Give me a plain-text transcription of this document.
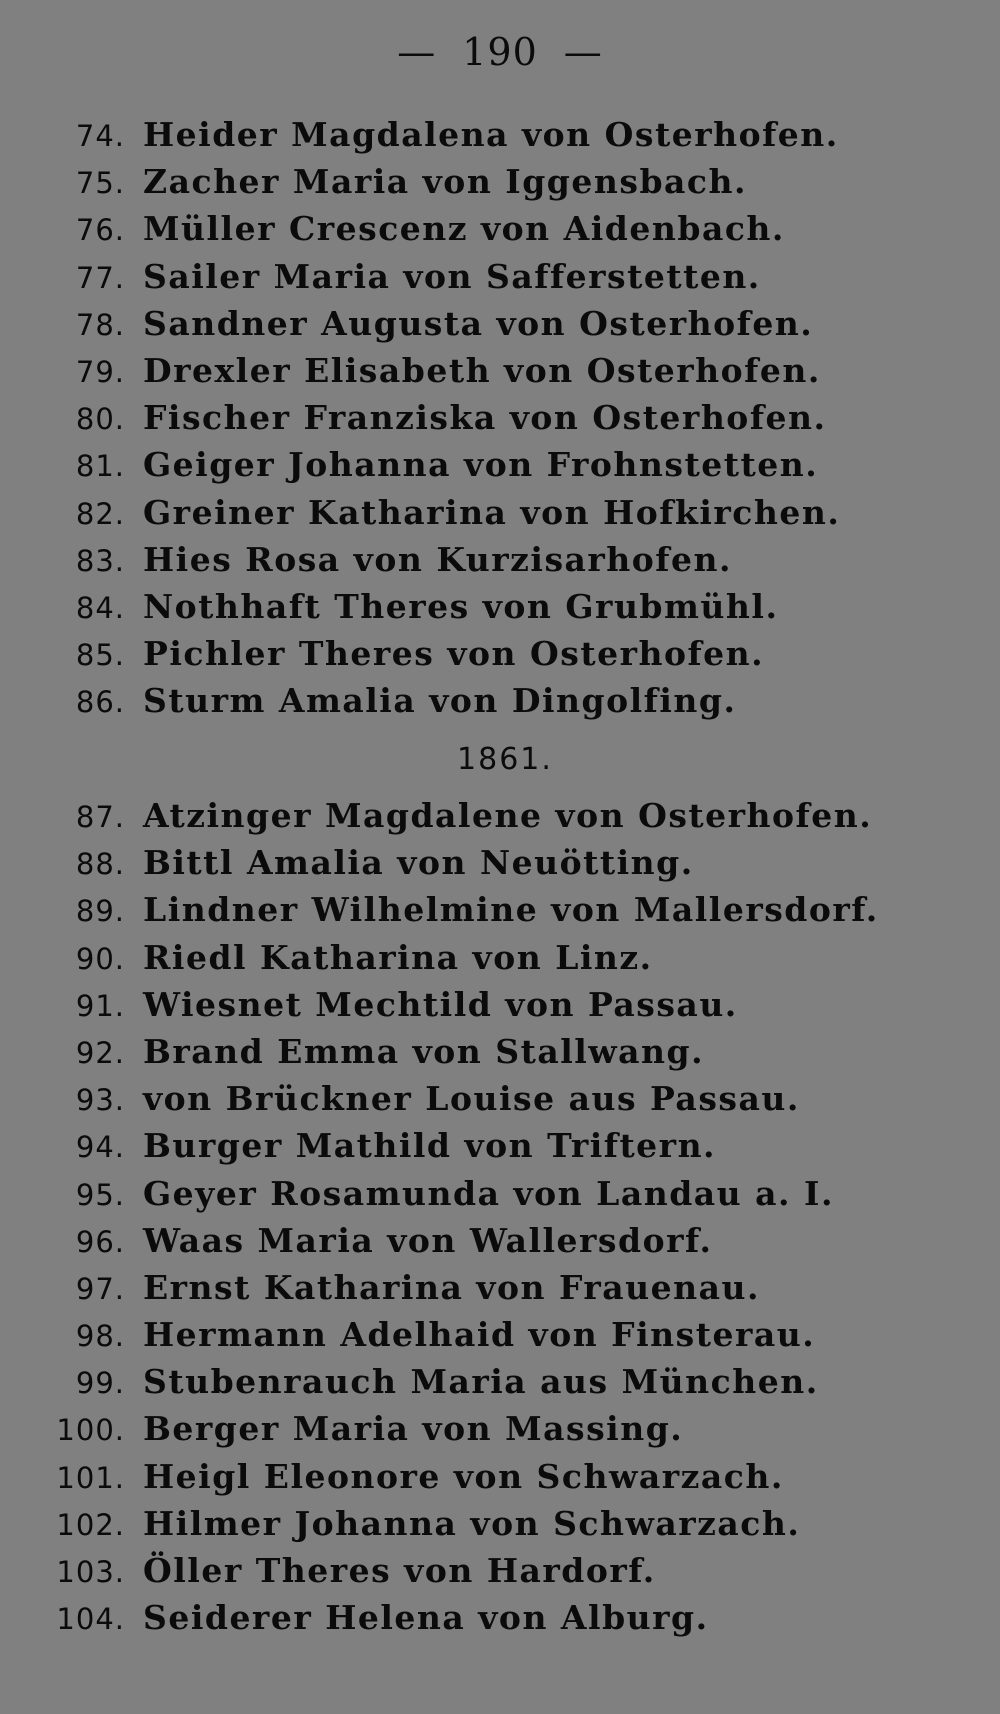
— 190 —
74. Heider Magdalena von Osterhofen.
75. Zacher Maria von Iggensbach.
76. Müller Crescenz von Aidenbach.
77. Sailer Maria von Safferstetten.
78. Sandner Augusta von Osterhofen.
79. Drexler Elisabeth von Osterhofen.
80. Fischer Franziska von Osterhofen.
81. Geiger Johanna von Frohnstetten.
82. Greiner Katharina von Hofkirchen.
83. Hies Rosa von Kurzisarhofen.
84. Nothhaft Theres von Grubmühl.
85. Pichler Theres von Osterhofen.
86. Sturm Amalia von Dingolfing.
1861.
87. Atzinger Magdalene von Osterhofen.
88. Bittl Amalia von Neuötting.
89. Lindner Wilhelmine von Mallersdorf.
90. Riedl Katharina von Linz.
91. Wiesnet Mechtild von Passau.
92. Brand Emma von Stallwang.
93. von Brückner Louise aus Passau.
94. Burger Mathild von Triftern.
95. Geyer Rosamunda von Landau a. I.
96. Waas Maria von Wallersdorf.
97. Ernst Katharina von Frauenau.
98. Hermann Adelhaid von Finsterau.
99. Stubenrauch Maria aus München.
100. Berger Maria von Massing.
101. Heigl Eleonore von Schwarzach.
102. Hilmer Johanna von Schwarzach.
103. Öller Theres von Hardorf.
104. Seiderer Helena von Alburg.
